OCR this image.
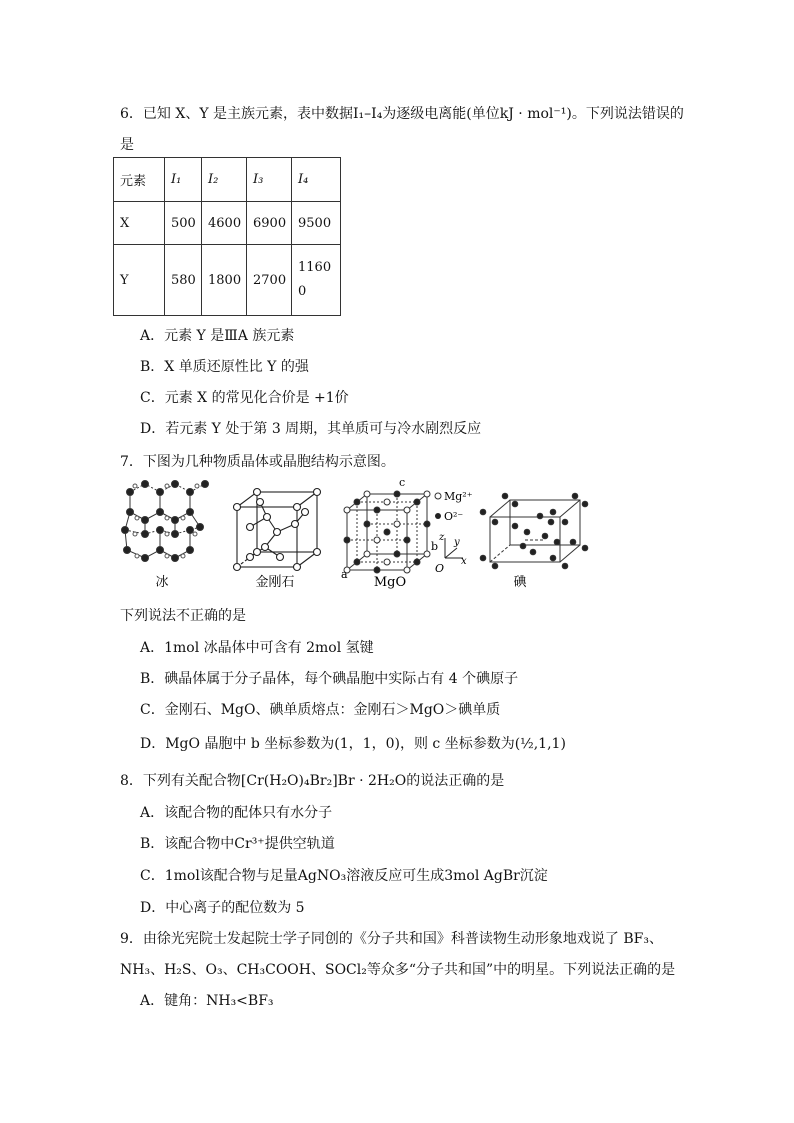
6．已知 X、Y 是主族元素，表中数据I₁–I₄为逐级电离能(单位kJ · mol⁻¹)。下列说法错误的
是
元素	I₁	I₂	I₃	I₄
X	500	4600	6900	9500
Y	580	1800	2700	1160
0
A．元素 Y 是ⅢA 族元素
B．X 单质还原性比 Y 的强
C．元素 X 的常见化合价是 +1价
D．若元素 Y 处于第 3 周期，其单质可与冷水剧烈反应
7．下图为几种物质晶体或晶胞结构示意图。
冰	金刚石
c
b
a
MgO
Mg²⁺
O²⁻
z y
x
O
碘
下列说法不正确的是
A．1mol 冰晶体中可含有 2mol 氢键
B．碘晶体属于分子晶体，每个碘晶胞中实际占有 4 个碘原子
C．金刚石、MgO、碘单质熔点：金刚石＞MgO＞碘单质
D．MgO 晶胞中 b 坐标参数为(1，1，0)，则 c 坐标参数为(½,1,1)
8．下列有关配合物[Cr(H₂O)₄Br₂]Br · 2H₂O的说法正确的是
A．该配合物的配体只有水分子
B．该配合物中Cr³⁺提供空轨道
C．1mol该配合物与足量AgNO₃溶液反应可生成3mol AgBr沉淀
D．中心离子的配位数为 5
9．由徐光宪院士发起院士学子同创的《分子共和国》科普读物生动形象地戏说了 BF₃、
NH₃、H₂S、O₃、CH₃COOH、SOCl₂等众多“分子共和国”中的明星。下列说法正确的是
A．键角：NH₃<BF₃
